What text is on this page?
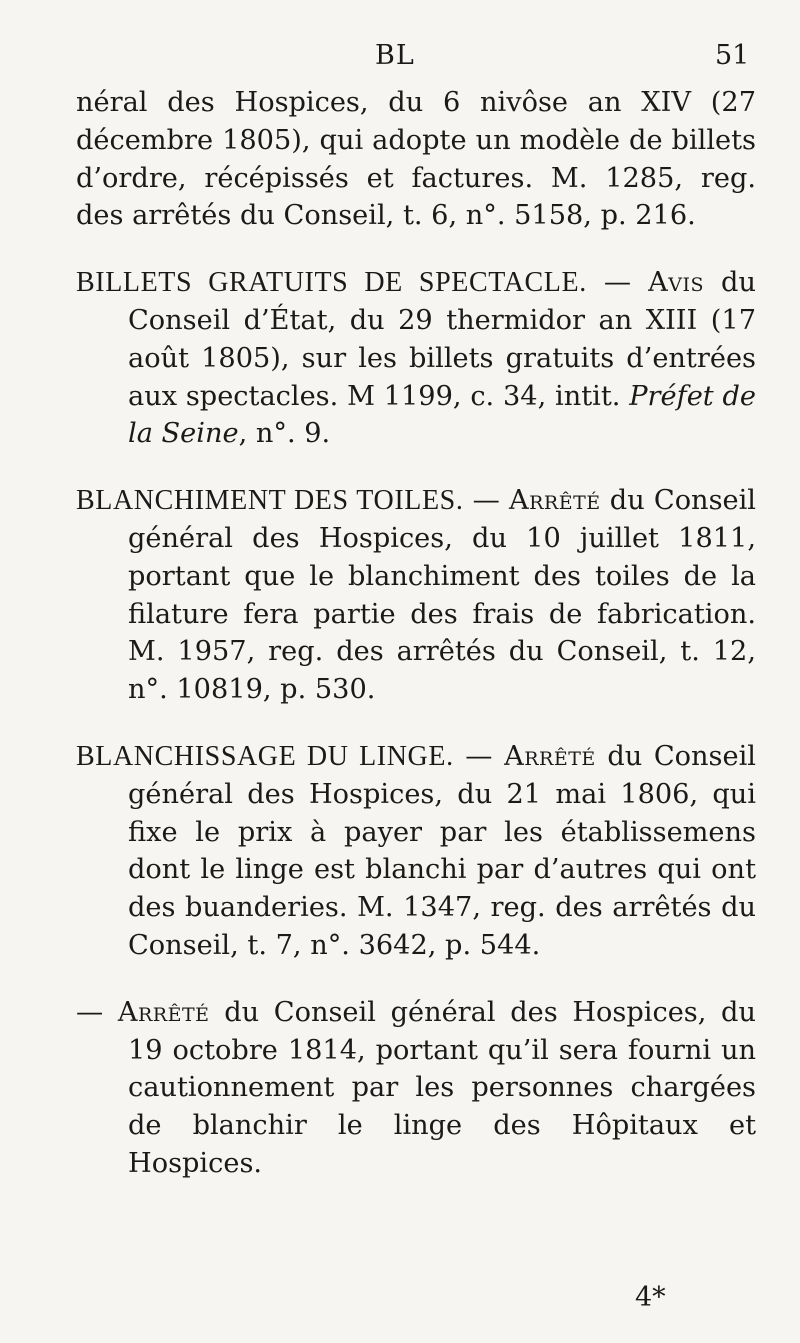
BL	51

néral des Hospices, du 6 nivôse an XIV (27 décembre 1805), qui adopte un modèle de billets d’ordre, récépissés et factures. M. 1285, reg. des arrêtés du Conseil, t. 6, n°. 5158, p. 216.

BILLETS GRATUITS DE SPECTACLE. — Avis du Conseil d’État, du 29 thermidor an XIII (17 août 1805), sur les billets gratuits d’entrées aux spectacles. M 1199, c. 34, intit. Préfet de la Seine, n°. 9.

BLANCHIMENT DES TOILES. — Arrêté du Conseil général des Hospices, du 10 juillet 1811, portant que le blanchiment des toiles de la filature fera partie des frais de fabrication. M. 1957, reg. des arrêtés du Conseil, t. 12, n°. 10819, p. 530.

BLANCHISSAGE DU LINGE. — Arrêté du Conseil général des Hospices, du 21 mai 1806, qui fixe le prix à payer par les établissemens dont le linge est blanchi par d’autres qui ont des buanderies. M. 1347, reg. des arrêtés du Conseil, t. 7, n°. 3642, p. 544.

— Arrêté du Conseil général des Hospices, du 19 octobre 1814, portant qu’il sera fourni un cautionnement par les personnes chargées de blanchir le linge des Hôpitaux et Hospices.

4*
